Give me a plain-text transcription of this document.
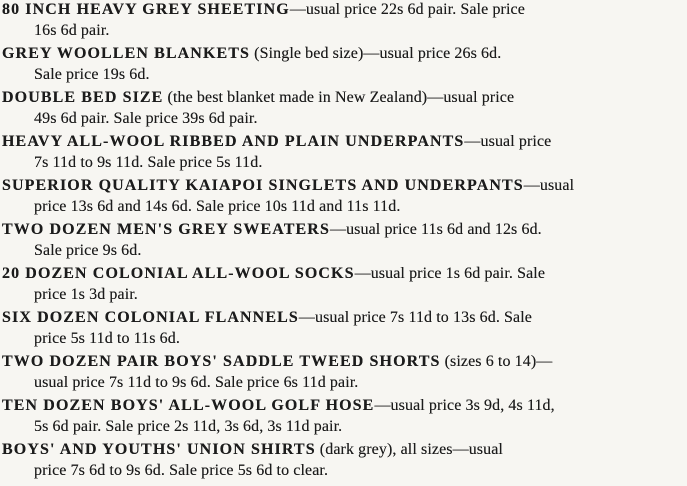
80 INCH HEAVY GREY SHEETING—usual price 22s 6d pair. Sale price
16s 6d pair.
GREY WOOLLEN BLANKETS (Single bed size)—usual price 26s 6d.
Sale price 19s 6d.
DOUBLE BED SIZE (the best blanket made in New Zealand)—usual price
49s 6d pair. Sale price 39s 6d pair.
HEAVY ALL-WOOL RIBBED AND PLAIN UNDERPANTS—usual price
7s 11d to 9s 11d. Sale price 5s 11d.
SUPERIOR QUALITY KAIAPOI SINGLETS AND UNDERPANTS—usual
price 13s 6d and 14s 6d. Sale price 10s 11d and 11s 11d.
TWO DOZEN MEN'S GREY SWEATERS—usual price 11s 6d and 12s 6d.
Sale price 9s 6d.
20 DOZEN COLONIAL ALL-WOOL SOCKS—usual price 1s 6d pair. Sale
price 1s 3d pair.
SIX DOZEN COLONIAL FLANNELS—usual price 7s 11d to 13s 6d. Sale
price 5s 11d to 11s 6d.
TWO DOZEN PAIR BOYS' SADDLE TWEED SHORTS (sizes 6 to 14)—
usual price 7s 11d to 9s 6d. Sale price 6s 11d pair.
TEN DOZEN BOYS' ALL-WOOL GOLF HOSE—usual price 3s 9d, 4s 11d,
5s 6d pair. Sale price 2s 11d, 3s 6d, 3s 11d pair.
BOYS' AND YOUTHS' UNION SHIRTS (dark grey), all sizes—usual
price 7s 6d to 9s 6d. Sale price 5s 6d to clear.
